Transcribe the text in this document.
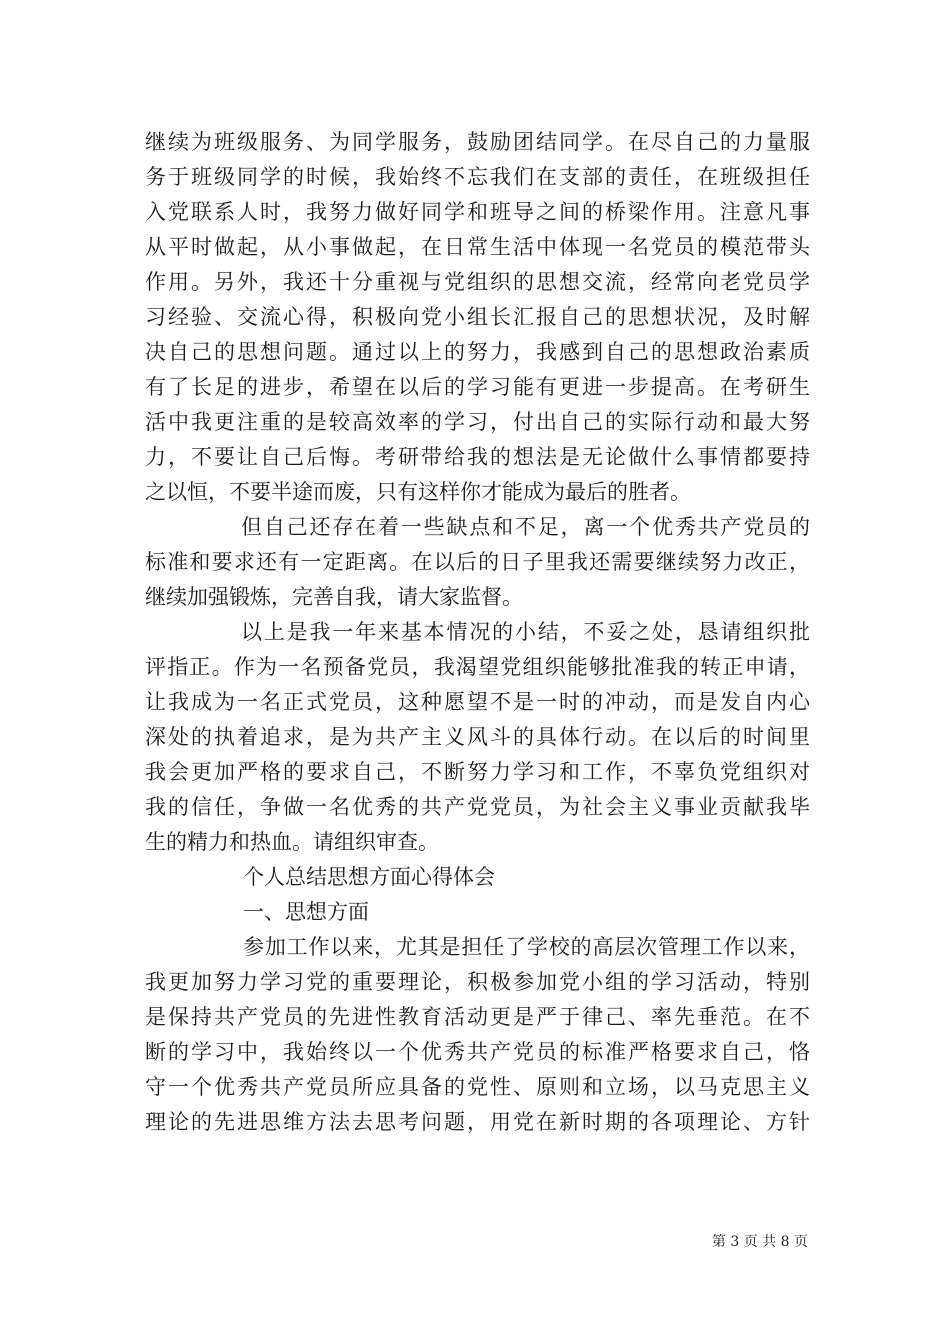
继续为班级服务、为同学服务，鼓励团结同学。在尽自己的力量服
务于班级同学的时候，我始终不忘我们在支部的责任，在班级担任
入党联系人时，我努力做好同学和班导之间的桥梁作用。注意凡事
从平时做起，从小事做起，在日常生活中体现一名党员的模范带头
作用。另外，我还十分重视与党组织的思想交流，经常向老党员学
习经验、交流心得，积极向党小组长汇报自己的思想状况，及时解
决自己的思想问题。通过以上的努力，我感到自己的思想政治素质
有了长足的进步，希望在以后的学习能有更进一步提高。在考研生
活中我更注重的是较高效率的学习，付出自己的实际行动和最大努
力，不要让自己后悔。考研带给我的想法是无论做什么事情都要持
之以恒，不要半途而废，只有这样你才能成为最后的胜者。
但自己还存在着一些缺点和不足，离一个优秀共产党员的
标准和要求还有一定距离。在以后的日子里我还需要继续努力改正，
继续加强锻炼，完善自我，请大家监督。
以上是我一年来基本情况的小结，不妥之处，恳请组织批
评指正。作为一名预备党员，我渴望党组织能够批准我的转正申请，
让我成为一名正式党员，这种愿望不是一时的冲动，而是发自内心
深处的执着追求，是为共产主义风斗的具体行动。在以后的时间里
我会更加严格的要求自己，不断努力学习和工作，不辜负党组织对
我的信任，争做一名优秀的共产党党员，为社会主义事业贡献我毕
生的精力和热血。请组织审查。
个人总结思想方面心得体会
一、思想方面
参加工作以来，尤其是担任了学校的高层次管理工作以来，
我更加努力学习党的重要理论，积极参加党小组的学习活动，特别
是保持共产党员的先进性教育活动更是严于律己、率先垂范。在不
断的学习中，我始终以一个优秀共产党员的标准严格要求自己，恪
守一个优秀共产党员所应具备的党性、原则和立场，以马克思主义
理论的先进思维方法去思考问题，用党在新时期的各项理论、方针
第 3 页 共 8 页
